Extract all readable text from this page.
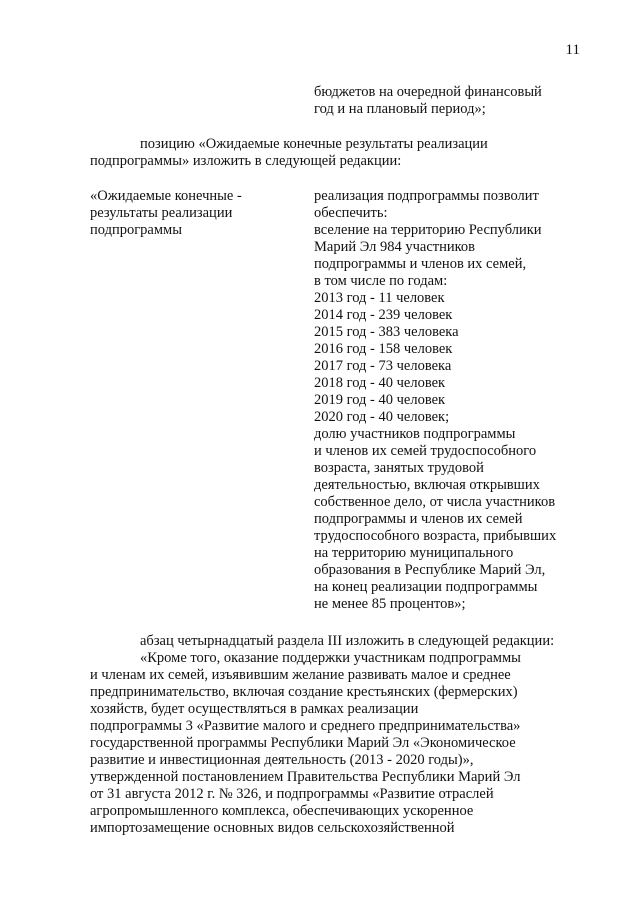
11
бюджетов на очередной финансовый
год и на плановый период»;
позицию «Ожидаемые конечные результаты реализации
подпрограммы» изложить в следующей редакции:
«Ожидаемые конечные -
результаты реализации
подпрограммы
реализация подпрограммы позволит
обеспечить:
вселение на территорию Республики
Марий Эл 984 участников
подпрограммы и членов их семей,
в том числе по годам:
2013 год - 11 человек
2014 год - 239 человек
2015 год - 383 человека
2016 год - 158 человек
2017 год - 73 человека
2018 год - 40 человек
2019 год - 40 человек
2020 год - 40 человек;
долю участников подпрограммы
и членов их семей трудоспособного
возраста, занятых трудовой
деятельностью, включая открывших
собственное дело, от числа участников
подпрограммы и членов их семей
трудоспособного возраста, прибывших
на территорию муниципального
образования в Республике Марий Эл,
на конец реализации подпрограммы
не менее 85 процентов»;
абзац четырнадцатый раздела III изложить в следующей редакции:
«Кроме того, оказание поддержки участникам подпрограммы
и членам их семей, изъявившим желание развивать малое и среднее
предпринимательство, включая создание крестьянских (фермерских)
хозяйств, будет осуществляться в рамках реализации
подпрограммы 3 «Развитие малого и среднего предпринимательства»
государственной программы Республики Марий Эл «Экономическое
развитие и инвестиционная деятельность (2013 - 2020 годы)»,
утвержденной постановлением Правительства Республики Марий Эл
от 31 августа 2012 г. № 326, и подпрограммы «Развитие отраслей
агропромышленного комплекса, обеспечивающих ускоренное
импортозамещение основных видов сельскохозяйственной
